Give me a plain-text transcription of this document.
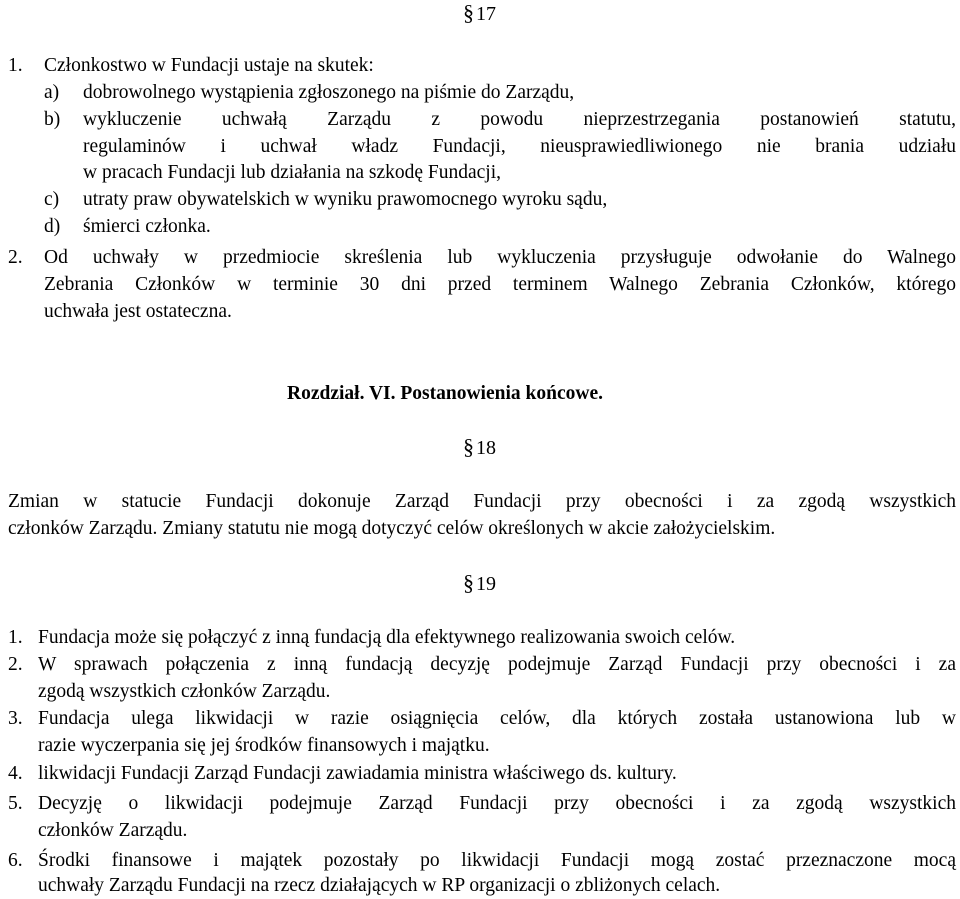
§ 17
1. Członkostwo w Fundacji ustaje na skutek:
a) dobrowolnego wystąpienia zgłoszonego na piśmie do Zarządu,
b) wykluczenie uchwałą Zarządu z powodu nieprzestrzegania postanowień statutu,
regulaminów i uchwał władz Fundacji, nieusprawiedliwionego nie brania udziału
w pracach Fundacji lub działania na szkodę Fundacji,
c) utraty praw obywatelskich w wyniku prawomocnego wyroku sądu,
d) śmierci członka.
2. Od uchwały w przedmiocie skreślenia lub wykluczenia przysługuje odwołanie do Walnego
Zebrania Członków w terminie 30 dni przed terminem Walnego Zebrania Członków, którego
uchwała jest ostateczna.
Rozdział. VI. Postanowienia końcowe.
§ 18
Zmian w statucie Fundacji dokonuje Zarząd Fundacji przy obecności i za zgodą wszystkich
członków Zarządu. Zmiany statutu nie mogą dotyczyć celów określonych w akcie założycielskim.
§ 19
1. Fundacja może się połączyć z inną fundacją dla efektywnego realizowania swoich celów.
2. W sprawach połączenia z inną fundacją decyzję podejmuje Zarząd Fundacji przy obecności i za
zgodą wszystkich członków Zarządu.
3. Fundacja ulega likwidacji w razie osiągnięcia celów, dla których została ustanowiona lub w
razie wyczerpania się jej środków finansowych i majątku.
4. likwidacji Fundacji Zarząd Fundacji zawiadamia ministra właściwego ds. kultury.
5. Decyzję o likwidacji podejmuje Zarząd Fundacji przy obecności i za zgodą wszystkich
członków Zarządu.
6. Środki finansowe i majątek pozostały po likwidacji Fundacji mogą zostać przeznaczone mocą
uchwały Zarządu Fundacji na rzecz działających w RP organizacji o zbliżonych celach.
